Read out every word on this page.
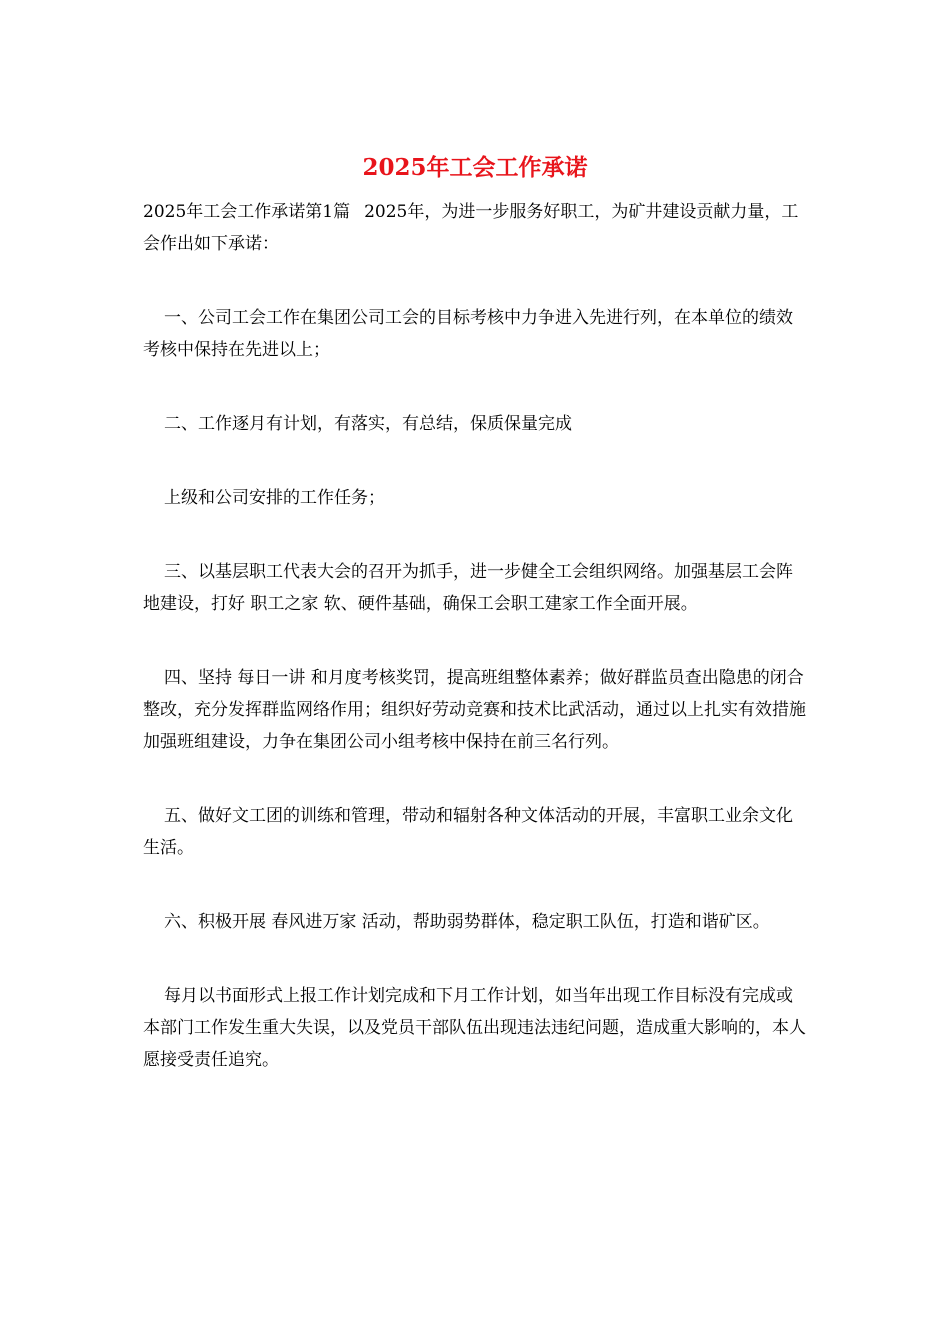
2025年工会工作承诺

2025年工会工作承诺第1篇 2025年，为进一步服务好职工，为矿井建设贡献力量，工会作出如下承诺：

一、公司工会工作在集团公司工会的目标考核中力争进入先进行列，在本单位的绩效考核中保持在先进以上；

二、工作逐月有计划，有落实，有总结，保质保量完成

上级和公司安排的工作任务；

三、以基层职工代表大会的召开为抓手，进一步健全工会组织网络。加强基层工会阵地建设，打好 职工之家 软、硬件基础，确保工会职工建家工作全面开展。

四、坚持 每日一讲 和月度考核奖罚，提高班组整体素养；做好群监员查出隐患的闭合整改，充分发挥群监网络作用；组织好劳动竞赛和技术比武活动，通过以上扎实有效措施加强班组建设，力争在集团公司小组考核中保持在前三名行列。

五、做好文工团的训练和管理，带动和辐射各种文体活动的开展，丰富职工业余文化生活。

六、积极开展 春风进万家 活动，帮助弱势群体，稳定职工队伍，打造和谐矿区。

每月以书面形式上报工作计划完成和下月工作计划，如当年出现工作目标没有完成或本部门工作发生重大失误，以及党员干部队伍出现违法违纪问题，造成重大影响的，本人愿接受责任追究。
